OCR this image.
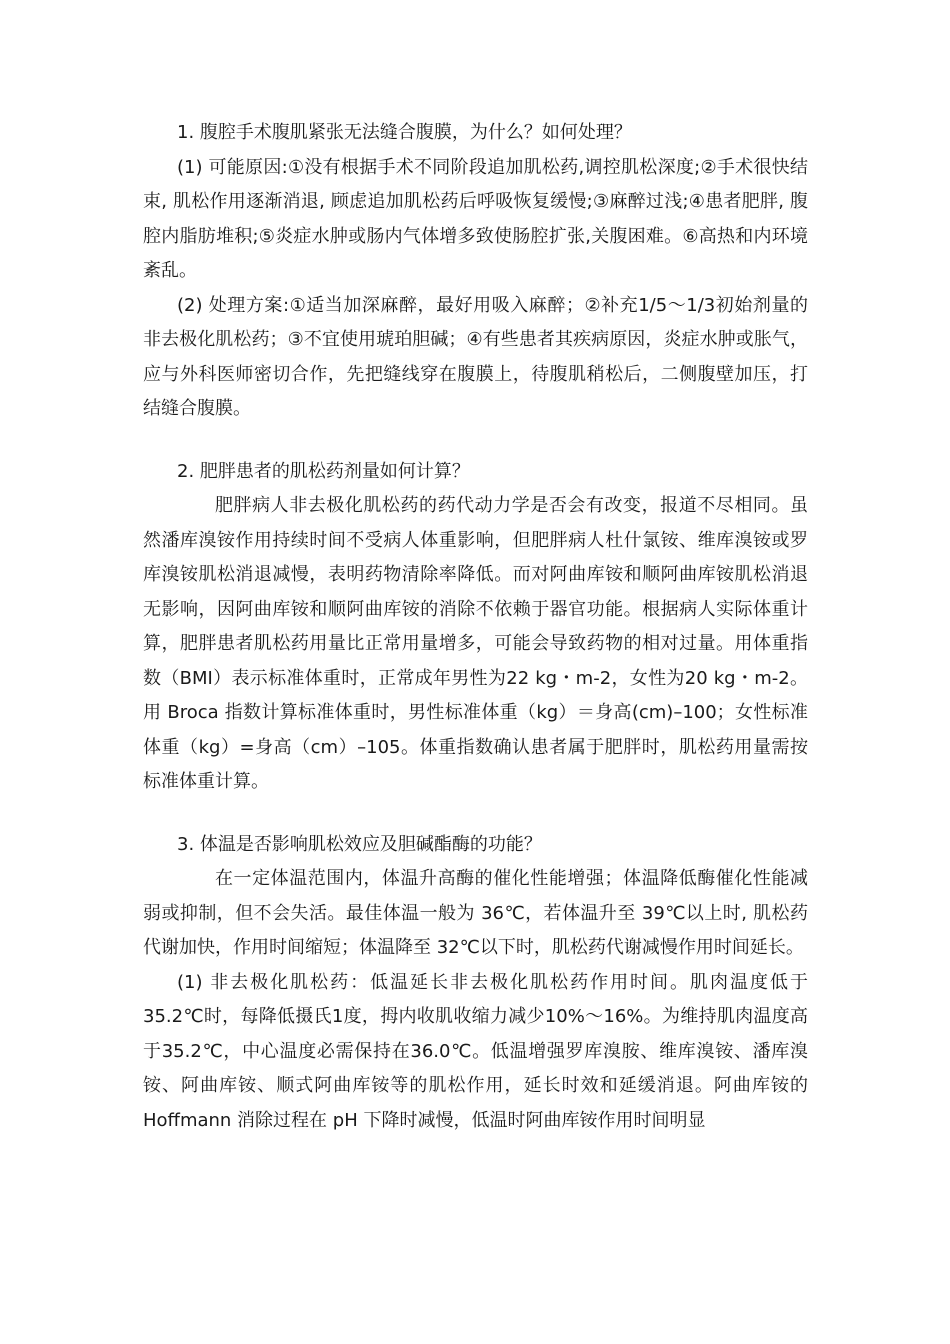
1. 腹腔手术腹肌紧张无法缝合腹膜，为什么？如何处理？

(1) 可能原因:①没有根据手术不同阶段追加肌松药,调控肌松深度;②手术很快结束, 肌松作用逐渐消退, 顾虑追加肌松药后呼吸恢复缓慢;③麻醉过浅;④患者肥胖, 腹腔内脂肪堆积;⑤炎症水肿或肠内气体增多致使肠腔扩张,关腹困难。⑥高热和内环境紊乱。

(2) 处理方案:①适当加深麻醉，最好用吸入麻醉；②补充1/5～1/3初始剂量的非去极化肌松药；③不宜使用琥珀胆碱；④有些患者其疾病原因，炎症水肿或胀气，应与外科医师密切合作，先把缝线穿在腹膜上，待腹肌稍松后，二侧腹壁加压，打结缝合腹膜。

2. 肥胖患者的肌松药剂量如何计算？

肥胖病人非去极化肌松药的药代动力学是否会有改变，报道不尽相同。虽然潘库溴铵作用持续时间不受病人体重影响，但肥胖病人杜什氯铵、维库溴铵或罗库溴铵肌松消退减慢，表明药物清除率降低。而对阿曲库铵和顺阿曲库铵肌松消退无影响，因阿曲库铵和顺阿曲库铵的消除不依赖于器官功能。根据病人实际体重计算，肥胖患者肌松药用量比正常用量增多，可能会导致药物的相对过量。用体重指数（BMI）表示标准体重时，正常成年男性为22 kg・m-2，女性为20 kg・m-2。用 Broca 指数计算标准体重时，男性标准体重（kg）＝身高(cm)–100；女性标准体重（kg）=身高（cm）–105。体重指数确认患者属于肥胖时，肌松药用量需按标准体重计算。

3. 体温是否影响肌松效应及胆碱酯酶的功能？

在一定体温范围内，体温升高酶的催化性能增强；体温降低酶催化性能减弱或抑制，但不会失活。最佳体温一般为 36℃，若体温升至 39℃以上时, 肌松药代谢加快，作用时间缩短；体温降至 32℃以下时，肌松药代谢减慢作用时间延长。

(1) 非去极化肌松药：低温延长非去极化肌松药作用时间。肌肉温度低于35.2℃时，每降低摄氏1度，拇内收肌收缩力减少10%～16%。为维持肌肉温度高于35.2℃，中心温度必需保持在36.0℃。低温增强罗库溴胺、维库溴铵、潘库溴铵、阿曲库铵、顺式阿曲库铵等的肌松作用，延长时效和延缓消退。阿曲库铵的 Hoffmann 消除过程在 pH 下降时减慢，低温时阿曲库铵作用时间明显
